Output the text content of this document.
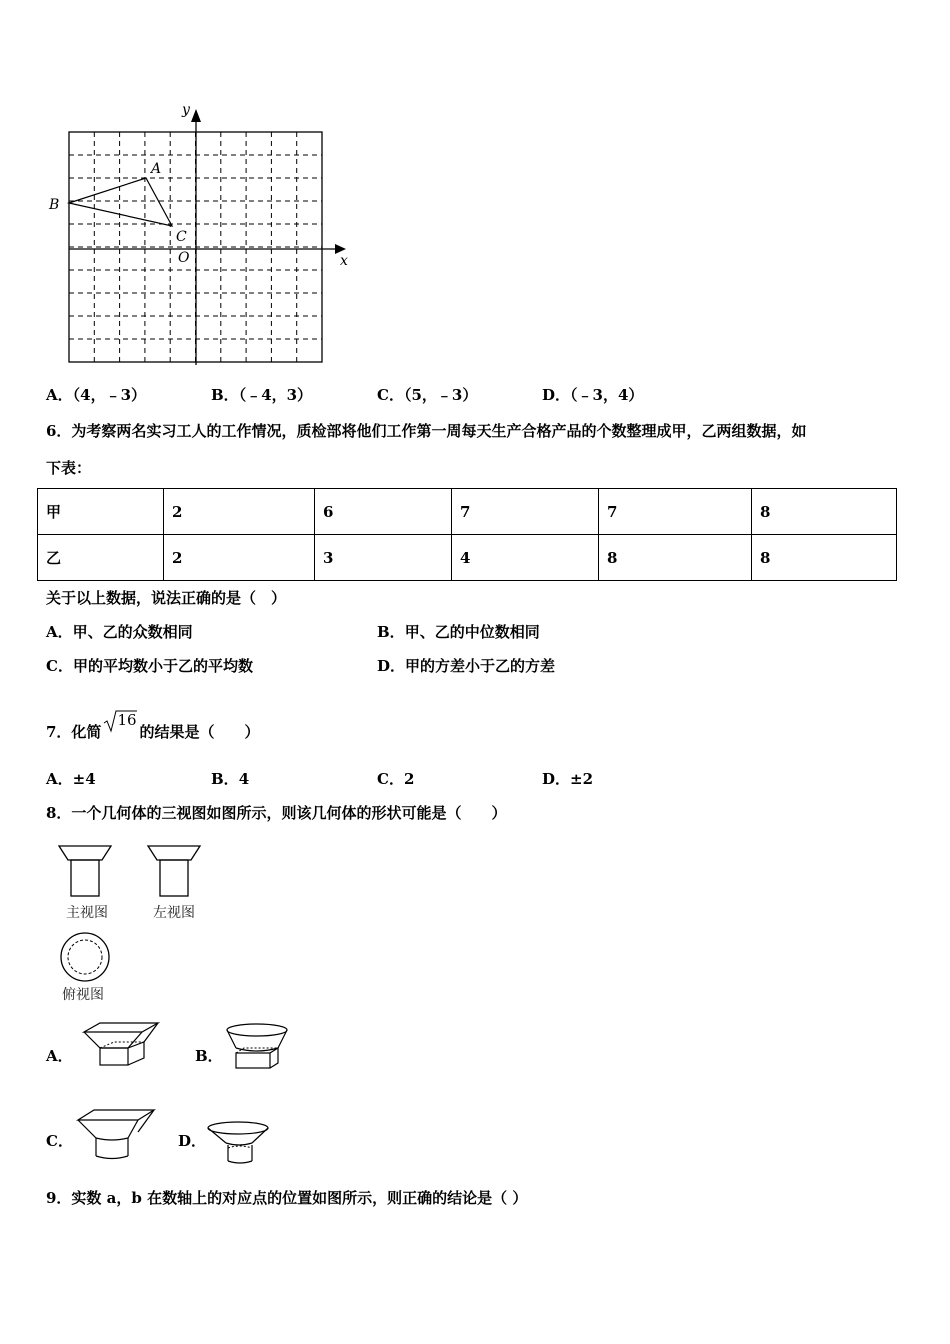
x
y
O
A
B
C
A．（4，﹣3）	B．（﹣4，3）	C．（5，﹣3）	D．（﹣3，4）
6．为考察两名实习工人的工作情况，质检部将他们工作第一周每天生产合格产品的个数整理成甲，乙两组数据，如
下表：
甲	2	6	7	7	8
乙	2	3	4	8	8
关于以上数据，说法正确的是（　）
A．甲、乙的众数相同	B．甲、乙的中位数相同
C．甲的平均数小于乙的平均数	D．甲的方差小于乙的方差
7．化简
16
的结果是（　　）
A．±4	B．4	C．2	D．±2
8．一个几何体的三视图如图所示，则该几何体的形状可能是（　　）
主视图	左视图
俯视图
A．	B．
C．	D．
9．实数 a，b 在数轴上的对应点的位置如图所示，则正确的结论是（ ）
